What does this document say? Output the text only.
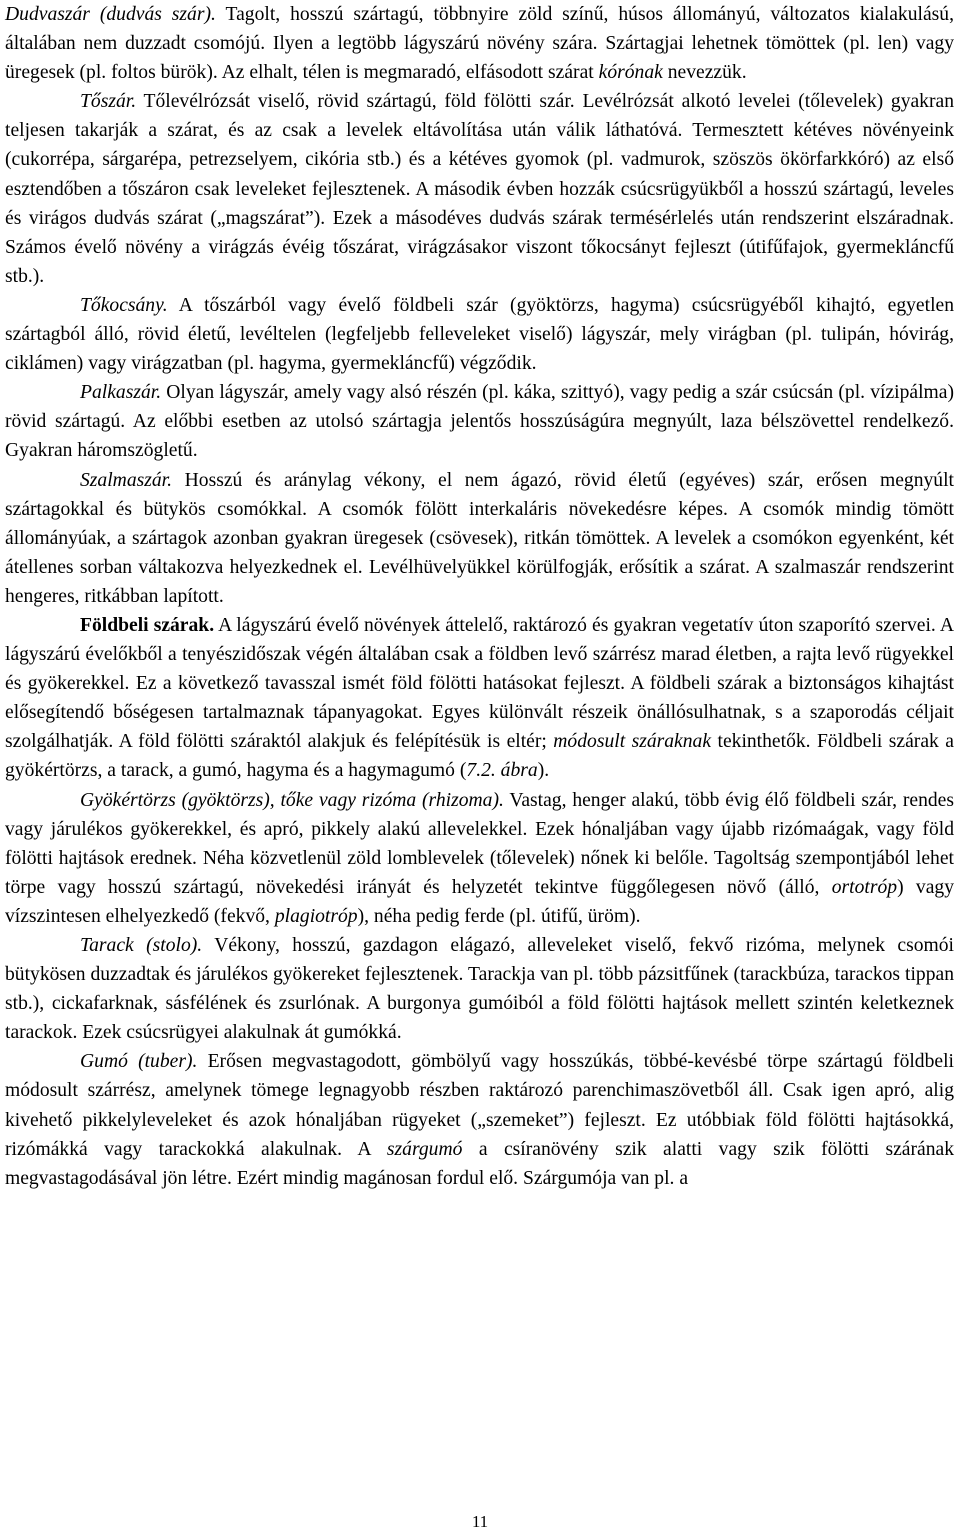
Dudvaszár (dudvás szár). Tagolt, hosszú szártagú, többnyire zöld színű, húsos állományú, változatos kialakulású, általában nem duzzadt csomójú. Ilyen a legtöbb lágyszárú növény szára. Szártagjai lehetnek tömöttek (pl. len) vagy üregesek (pl. foltos bürök). Az elhalt, télen is megmaradó, elfásodott szárat kórónak nevezzük.

Tőszár. Tőlevélrózsát viselő, rövid szártagú, föld fölötti szár. Levélrózsát alkotó levelei (tőlevelek) gyakran teljesen takarják a szárat, és az csak a levelek eltávolítása után válik láthatóvá. Termesztett kétéves növényeink (cukorrépa, sárgarépa, petrezselyem, cikória stb.) és a kétéves gyomok (pl. vadmurok, szöszös ökörfarkkóró) az első esztendőben a tőszáron csak leveleket fejlesztenek. A második évben hozzák csúcsrügyükből a hosszú szártagú, leveles és virágos dudvás szárat („magszárat”). Ezek a másodéves dudvás szárak termésérlelés után rendszerint elszáradnak. Számos évelő növény a virágzás évéig tőszárat, virágzásakor viszont tőkocsányt fejleszt (útifűfajok, gyermekláncfű stb.).

Tőkocsány. A tőszárból vagy évelő földbeli szár (gyöktörzs, hagyma) csúcsrügyéből kihajtó, egyetlen szártagból álló, rövid életű, levéltelen (legfeljebb felleveleket viselő) lágyszár, mely virágban (pl. tulipán, hóvirág, ciklámen) vagy virágzatban (pl. hagyma, gyermekláncfű) végződik.

Palkaszár. Olyan lágyszár, amely vagy alsó részén (pl. káka, szittyó), vagy pedig a szár csúcsán (pl. vízipálma) rövid szártagú. Az előbbi esetben az utolsó szártagja jelentős hosszúságúra megnyúlt, laza bélszövettel rendelkező. Gyakran háromszögletű.

Szalmaszár. Hosszú és aránylag vékony, el nem ágazó, rövid életű (egyéves) szár, erősen megnyúlt szártagokkal és bütykös csomókkal. A csomók fölött interkaláris növekedésre képes. A csomók mindig tömött állományúak, a szártagok azonban gyakran üregesek (csövesek), ritkán tömöttek. A levelek a csomókon egyenként, két átellenes sorban váltakozva helyezkednek el. Levélhüvelyükkel körülfogják, erősítik a szárat. A szalmaszár rendszerint hengeres, ritkábban lapított.

Földbeli szárak. A lágyszárú évelő növények áttelelő, raktározó és gyakran vegetatív úton szaporító szervei. A lágyszárú évelőkből a tenyészidőszak végén általában csak a földben levő szárrész marad életben, a rajta levő rügyekkel és gyökerekkel. Ez a következő tavasszal ismét föld fölötti hatásokat fejleszt. A földbeli szárak a biztonságos kihajtást elősegítendő bőségesen tartalmaznak tápanyagokat. Egyes különvált részeik önállósulhatnak, s a szaporodás céljait szolgálhatják. A föld fölötti száraktól alakjuk és felépítésük is eltér; módosult száraknak tekinthetők. Földbeli szárak a gyökértörzs, a tarack, a gumó, hagyma és a hagymagumó (7.2. ábra).

Gyökértörzs (gyöktörzs), tőke vagy rizóma (rhizoma). Vastag, henger alakú, több évig élő földbeli szár, rendes vagy járulékos gyökerekkel, és apró, pikkely alakú allevelekkel. Ezek hónaljában vagy újabb rizómaágak, vagy föld fölötti hajtások erednek. Néha közvetlenül zöld lomblevelek (tőlevelek) nőnek ki belőle. Tagoltság szempontjából lehet törpe vagy hosszú szártagú, növekedési irányát és helyzetét tekintve függőlegesen növő (álló, ortotróp) vagy vízszintesen elhelyezkedő (fekvő, plagiotróp), néha pedig ferde (pl. útifű, üröm).

Tarack (stolo). Vékony, hosszú, gazdagon elágazó, alleveleket viselő, fekvő rizóma, melynek csomói bütykösen duzzadtak és járulékos gyökereket fejlesztenek. Tarackja van pl. több pázsitfűnek (tarackbúza, tarackos tippan stb.), cickafarknak, sásfélének és zsurlónak. A burgonya gumóiból a föld fölötti hajtások mellett szintén keletkeznek tarackok. Ezek csúcsrügyei alakulnak át gumókká.

Gumó (tuber). Erősen megvastagodott, gömbölyű vagy hosszúkás, többé-kevésbé törpe szártagú földbeli módosult szárrész, amelynek tömege legnagyobb részben raktározó parenchimaszövetből áll. Csak igen apró, alig kivehető pikkelyleveleket és azok hónaljában rügyeket („szemeket”) fejleszt. Ez utóbbiak föld fölötti hajtásokká, rizómákká vagy tarackokká alakulnak. A szárgumó a csíranövény szik alatti vagy szik fölötti szárának megvastagodásával jön létre. Ezért mindig magánosan fordul elő. Szárgumója van pl. a

11
